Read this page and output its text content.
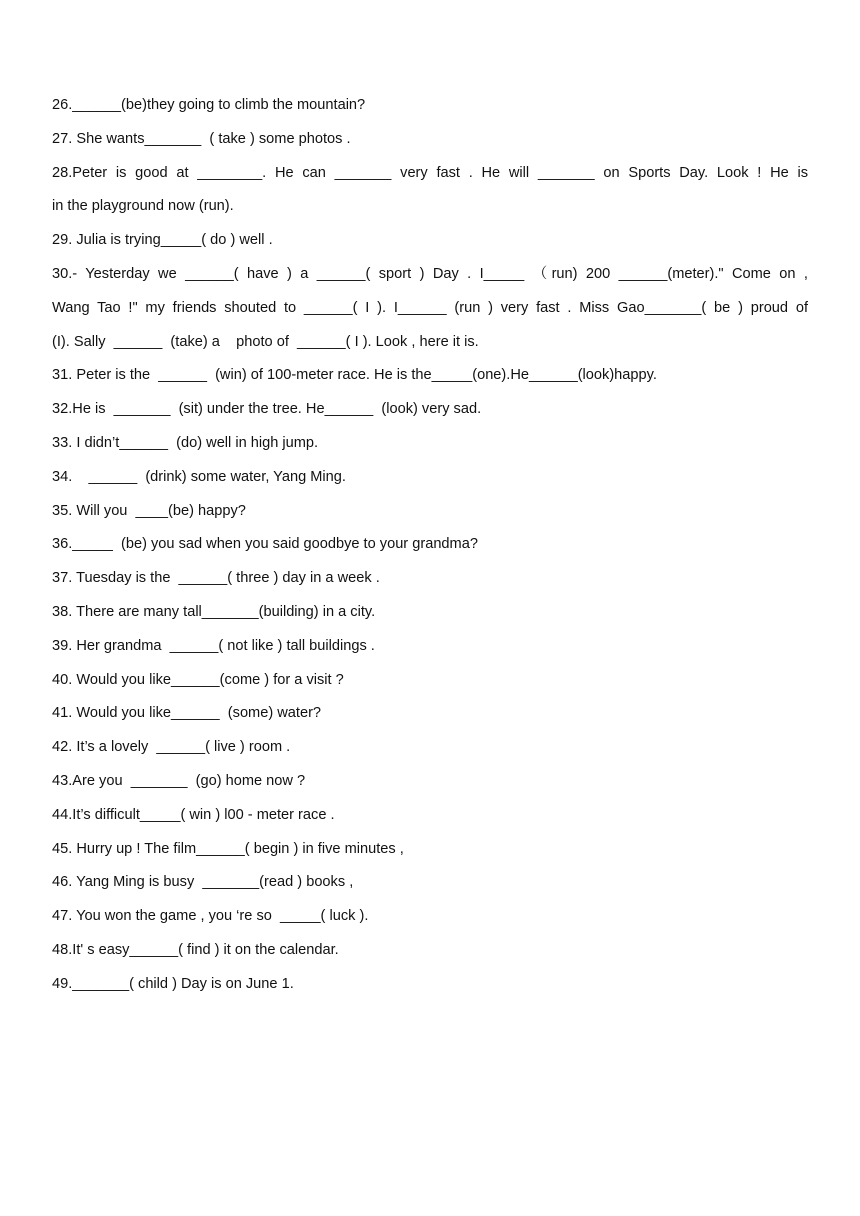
26.______(be)they going to climb the mountain?
27. She wants_______  ( take ) some photos .
28.Peter is good at ________. He can _______ very fast . He will _______ on Sports Day. Look ! He is
in the playground now (run).
29. Julia is trying_____( do ) well .
30.- Yesterday we ______( have ) a ______( sport ) Day . I_____ （run) 200 ______(meter)." Come on ,
Wang Tao !" my friends shouted to ______( I ). I______ (run ) very fast . Miss Gao_______( be ) proud of
(I). Sally  ______  (take) a    photo of  ______( I ). Look , here it is.
31. Peter is the  ______  (win) of 100-meter race. He is the_____(one).He______(look)happy.
32.He is  _______  (sit) under the tree. He______  (look) very sad.
33. I didn’t______  (do) well in high jump.
34.    ______  (drink) some water, Yang Ming.
35. Will you  ____(be) happy?
36._____  (be) you sad when you said goodbye to your grandma?
37. Tuesday is the  ______( three ) day in a week .
38. There are many tall_______(building) in a city.
39. Her grandma  ______( not like ) tall buildings .
40. Would you like______(come ) for a visit ?
41. Would you like______  (some) water?
42. It’s a lovely  ______( live ) room .
43.Are you  _______  (go) home now ?
44.It’s difficult_____( win ) l00 - meter race .
45. Hurry up ! The film______( begin ) in five minutes ,
46. Yang Ming is busy  _______(read ) books ,
47. You won the game , you ‘re so  _____( luck ).
48.It' s easy______( find ) it on the calendar.
49._______( child ) Day is on June 1.
